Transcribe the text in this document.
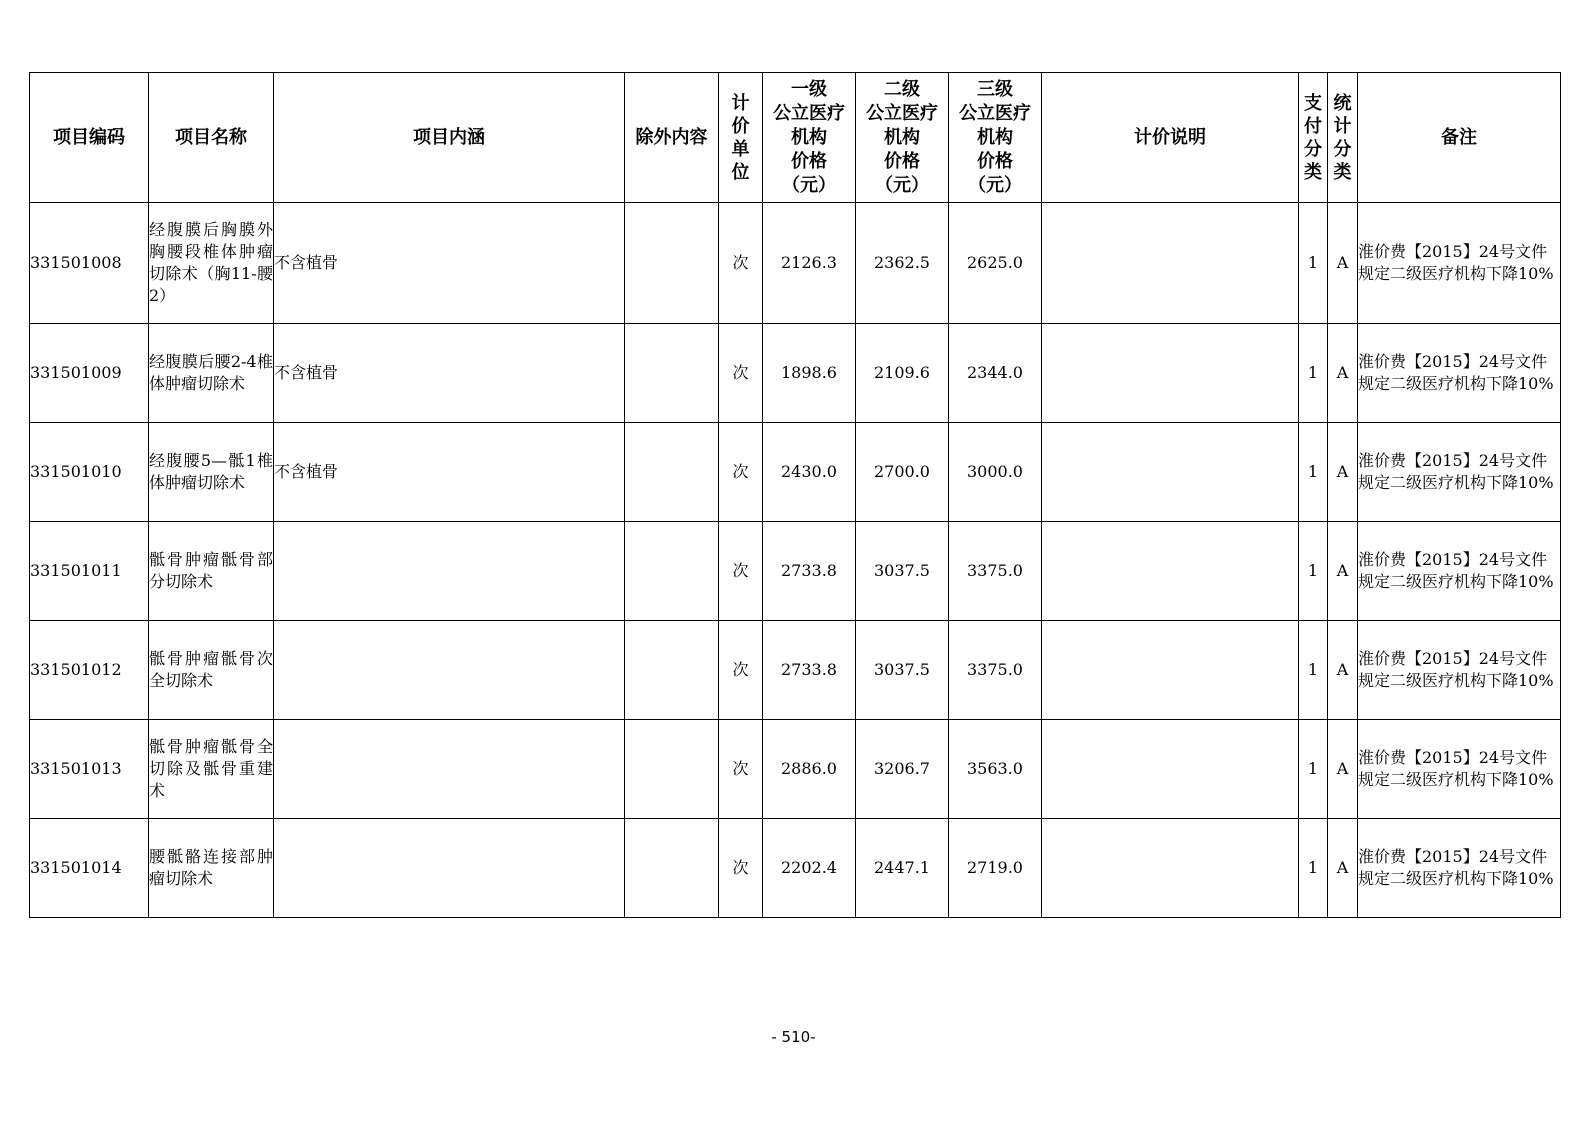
项目编码	项目名称	项目内涵	除外内容	计
价
单
位	一级
公立医疗
机构
价格
（元）	二级
公立医疗
机构
价格
（元）	三级
公立医疗
机构
价格
（元）	计价说明	支
付
分
类	统
计
分
类	备注
331501008	经腹膜后胸膜外胸腰段椎体肿瘤切除术（胸11-腰2）	不含植骨		次	2126.3	2362.5	2625.0		1	A	淮价费【2015】24号文件规定二级医疗机构下降10%
331501009	经腹膜后腰2-4椎体肿瘤切除术	不含植骨		次	1898.6	2109.6	2344.0		1	A	淮价费【2015】24号文件规定二级医疗机构下降10%
331501010	经腹腰5—骶1椎体肿瘤切除术	不含植骨		次	2430.0	2700.0	3000.0		1	A	淮价费【2015】24号文件规定二级医疗机构下降10%
331501011	骶骨肿瘤骶骨部分切除术			次	2733.8	3037.5	3375.0		1	A	淮价费【2015】24号文件规定二级医疗机构下降10%
331501012	骶骨肿瘤骶骨次全切除术			次	2733.8	3037.5	3375.0		1	A	淮价费【2015】24号文件规定二级医疗机构下降10%
331501013	骶骨肿瘤骶骨全切除及骶骨重建术			次	2886.0	3206.7	3563.0		1	A	淮价费【2015】24号文件规定二级医疗机构下降10%
331501014	腰骶骼连接部肿瘤切除术			次	2202.4	2447.1	2719.0		1	A	淮价费【2015】24号文件规定二级医疗机构下降10%
- 510-
